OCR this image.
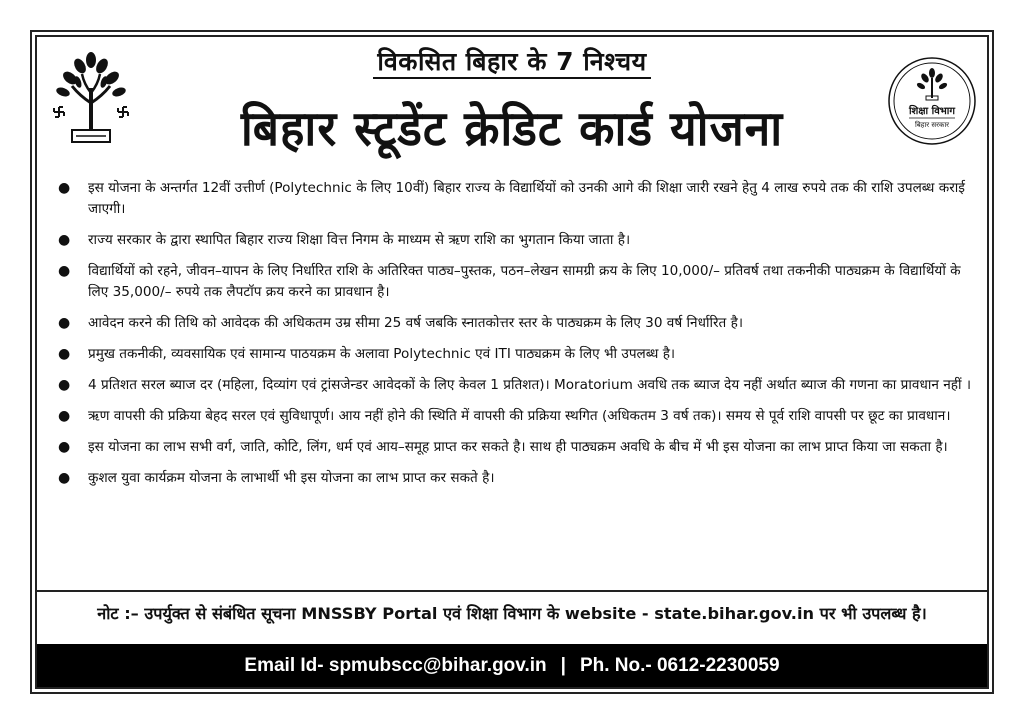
शिक्षा विभाग
बिहार सरकार
विकसित बिहार के 7 निश्चय
बिहार स्टूडेंट क्रेडिट कार्ड योजना
● इस योजना के अन्तर्गत 12वीं उत्तीर्ण (Polytechnic के लिए 10वीं) बिहार राज्य के विद्यार्थियों को उनकी आगे की शिक्षा जारी रखने हेतु 4 लाख रुपये तक की राशि उपलब्ध कराई जाएगी।
● राज्य सरकार के द्वारा स्थापित बिहार राज्य शिक्षा वित्त निगम के माध्यम से ऋण राशि का भुगतान किया जाता है।
● विद्यार्थियों को रहने, जीवन–यापन के लिए निर्धारित राशि के अतिरिक्त पाठ्य–पुस्तक, पठन–लेखन सामग्री क्रय के लिए 10,000/– प्रतिवर्ष तथा तकनीकी पाठ्यक्रम के विद्यार्थियों के लिए 35,000/– रुपये तक लैपटॉप क्रय करने का प्रावधान है।
● आवेदन करने की तिथि को आवेदक की अधिकतम उम्र सीमा 25 वर्ष जबकि स्नातकोत्तर स्तर के पाठ्यक्रम के लिए 30 वर्ष निर्धारित है।
● प्रमुख तकनीकी, व्यवसायिक एवं सामान्य पाठयक्रम के अलावा Polytechnic एवं ITI पाठ्यक्रम के लिए भी उपलब्ध है।
● 4 प्रतिशत सरल ब्याज दर (महिला, दिव्यांग एवं ट्रांसजेन्डर आवेदकों के लिए केवल 1 प्रतिशत)। Moratorium अवधि तक ब्याज देय नहीं अर्थात ब्याज की गणना का प्रावधान नहीं ।
● ऋण वापसी की प्रक्रिया बेहद सरल एवं सुविधापूर्ण। आय नहीं होने की स्थिति में वापसी की प्रक्रिया स्थगित (अधिकतम 3 वर्ष तक)। समय से पूर्व राशि वापसी पर छूट का प्रावधान।
● इस योजना का लाभ सभी वर्ग, जाति, कोटि, लिंग, धर्म एवं आय–समूह प्राप्त कर सकते है। साथ ही पाठ्यक्रम अवधि के बीच में भी इस योजना का लाभ प्राप्त किया जा सकता है।
● कुशल युवा कार्यक्रम योजना के लाभार्थी भी इस योजना का लाभ प्राप्त कर सकते है।
नोट :– उपर्युक्त से संबंधित सूचना MNSSBY Portal एवं शिक्षा विभाग के website - state.bihar.gov.in पर भी उपलब्ध है।
Email Id- spmubscc@bihar.gov.in | Ph. No.- 0612-2230059
